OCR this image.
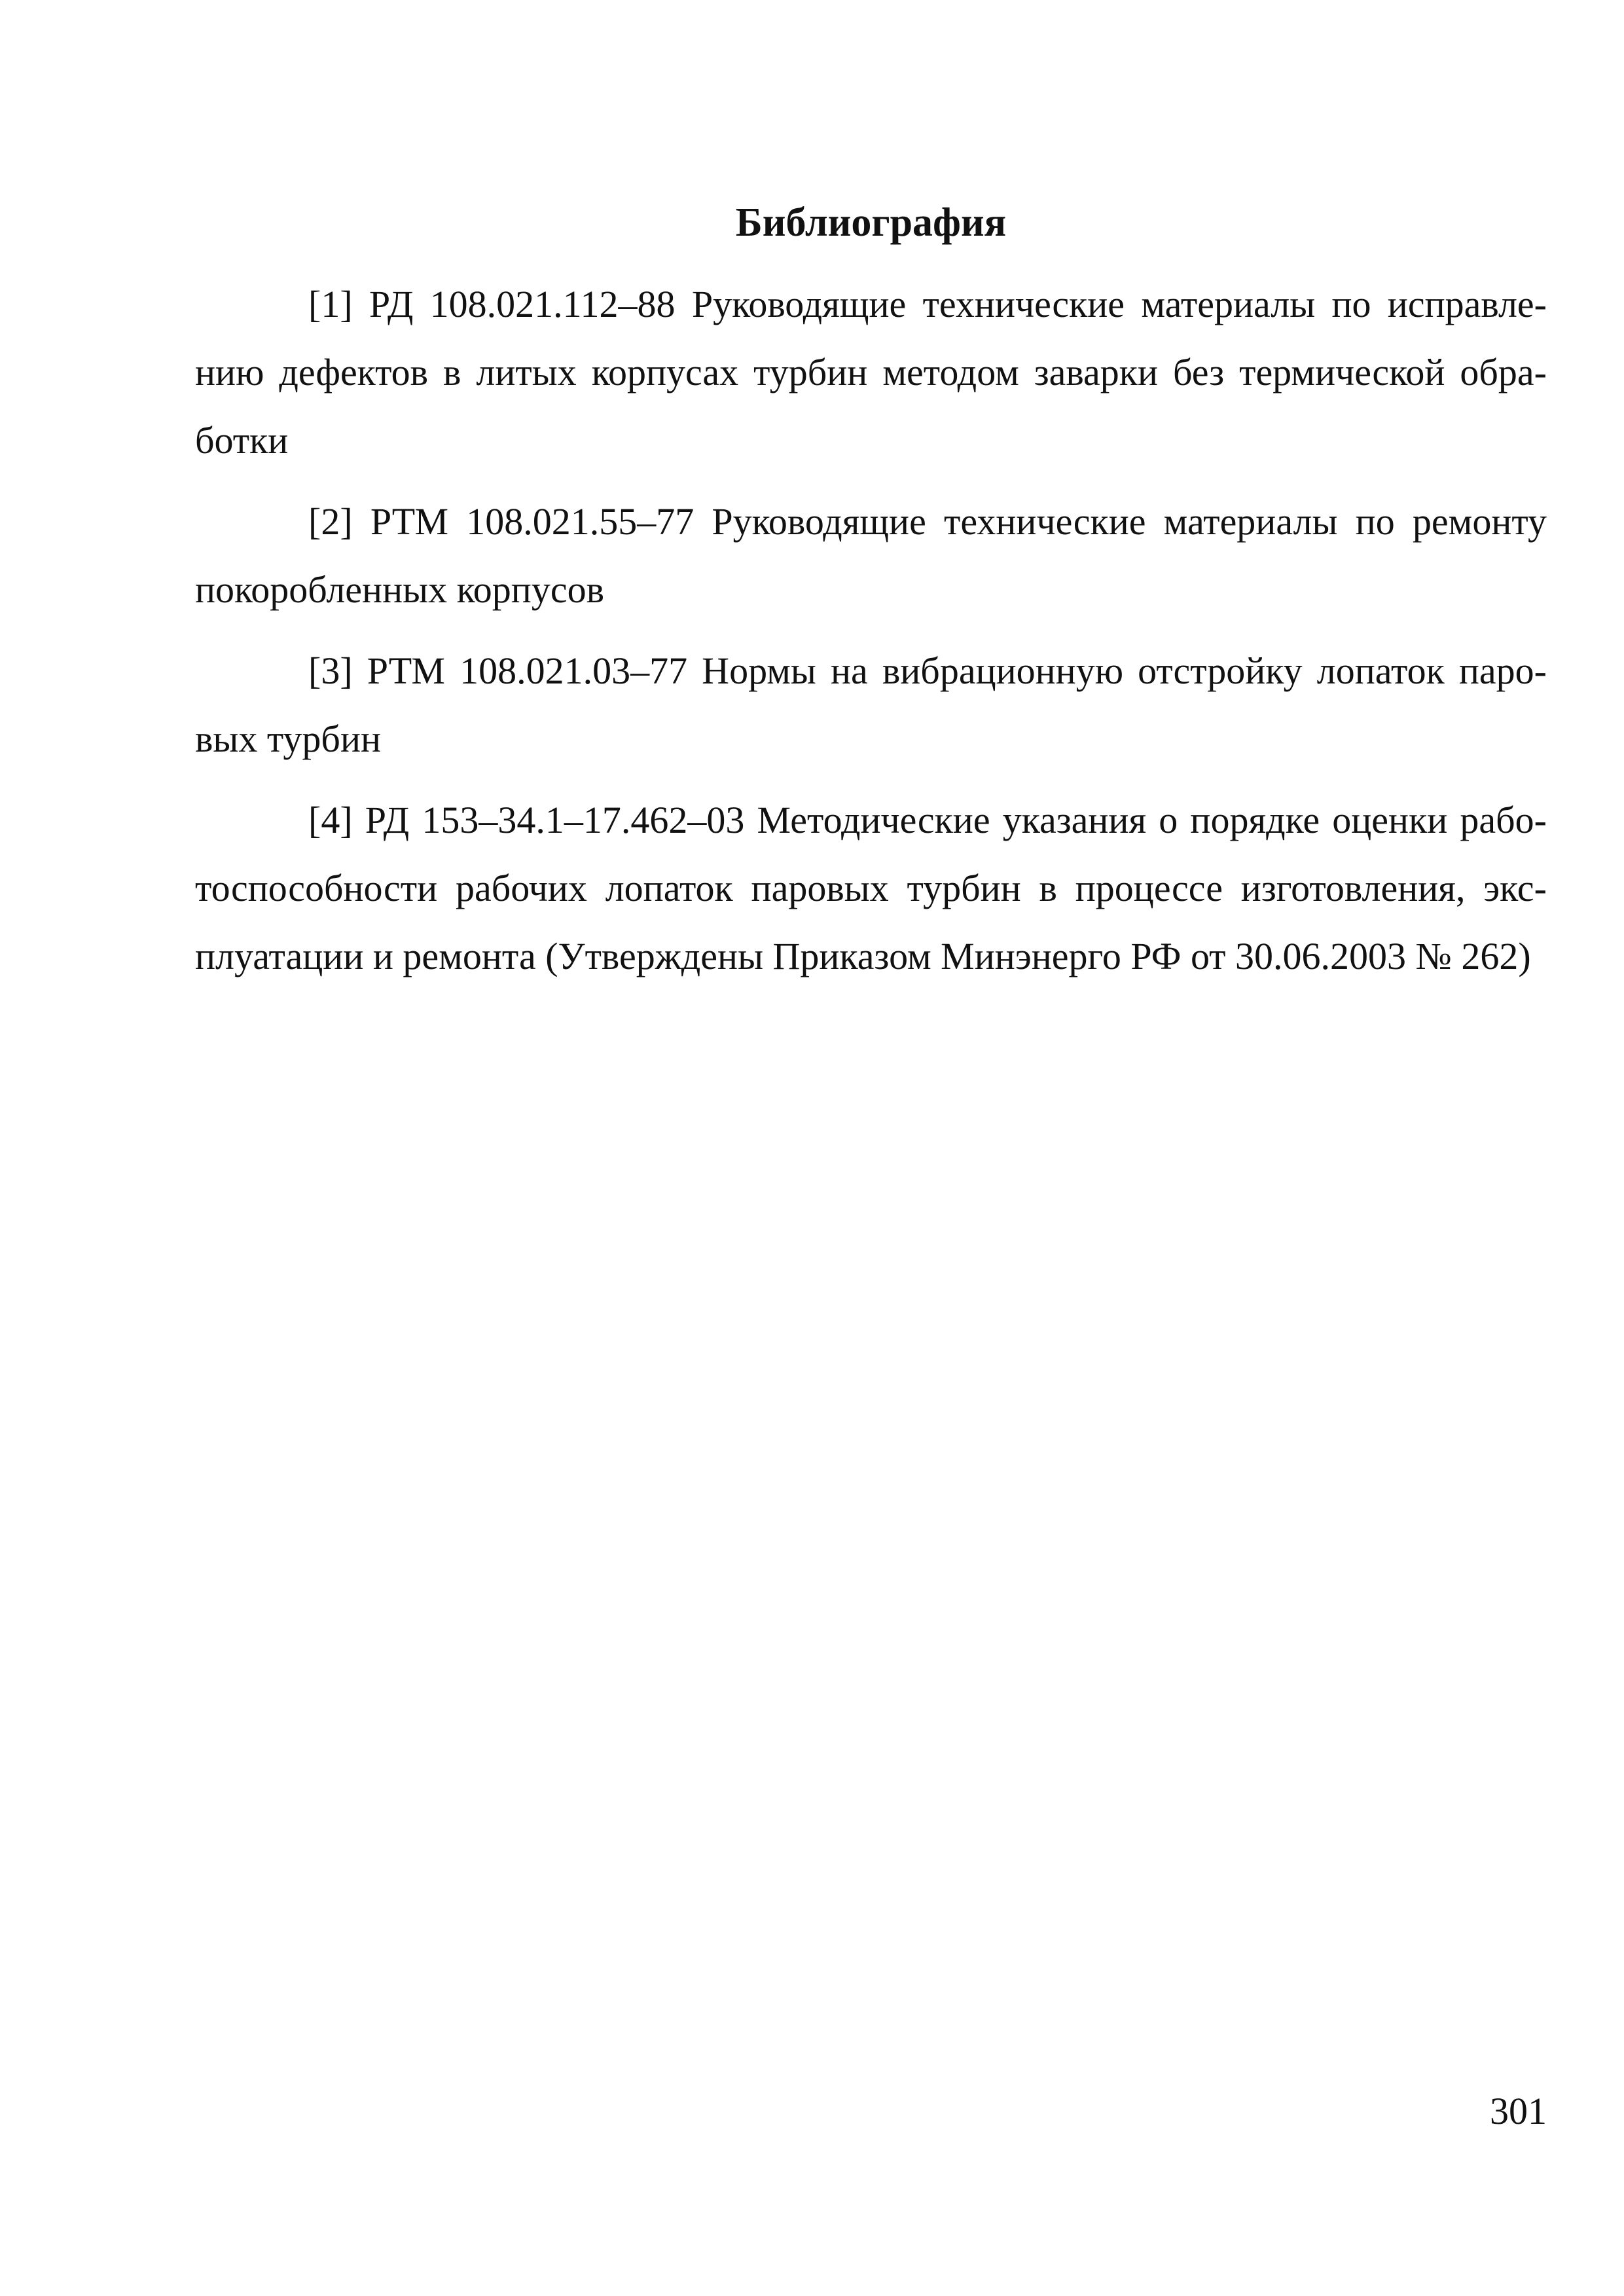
Библиография

[1] РД 108.021.112–88 Руководящие технические материалы по исправлению дефектов в литых корпусах турбин методом заварки без термической обработки

[2] РТМ 108.021.55–77 Руководящие технические материалы по ремонту покоробленных корпусов

[3] РТМ 108.021.03–77 Нормы на вибрационную отстройку лопаток паровых турбин

[4] РД 153–34.1–17.462–03 Методические указания о порядке оценки работоспособности рабочих лопаток паровых турбин в процессе изготовления, эксплуатации и ремонта (Утверждены Приказом Минэнерго РФ от 30.06.2003 № 262)

301
